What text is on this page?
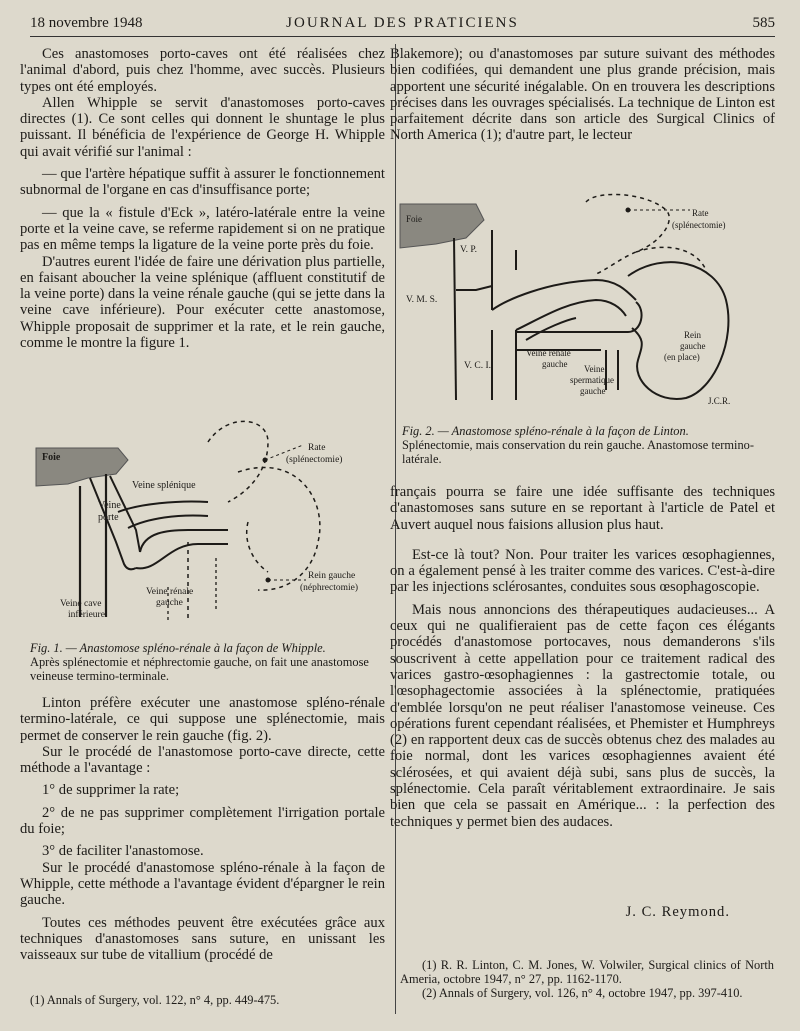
18 novembre 1948	JOURNAL DES PRATICIENS	585

Ces anastomoses porto-caves ont été réalisées chez l'animal d'abord, puis chez l'homme, avec succès. Plusieurs types ont été employés.

Allen Whipple se servit d'anastomoses porto-caves directes (1). Ce sont celles qui donnent le shuntage le plus puissant. Il bénéficia de l'expérience de George H. Whipple qui avait vérifié sur l'animal :

— que l'artère hépatique suffit à assurer le fonctionnement subnormal de l'organe en cas d'insuffisance porte;

— que la « fistule d'Eck », latéro-latérale entre la veine porte et la veine cave, se referme rapidement si on ne pratique pas en même temps la ligature de la veine porte près du foie.

D'autres eurent l'idée de faire une dérivation plus partielle, en faisant aboucher la veine splénique (affluent constitutif de la veine porte) dans la veine rénale gauche (qui se jette dans la veine cave inférieure). Pour exécuter cette anastomose, Whipple proposait de supprimer et la rate, et le rein gauche, comme le montre la figure 1.

Foie
Veine splénique
Veine
porte
Rate
(splénectomie)
Veine rénale
gauche
Rein gauche
(néphrectomie)
Veine cave
inférieure

Fig. 1. — Anastomose spléno-rénale à la façon de Whipple.

Après splénectomie et néphrectomie gauche, on fait une anastomose veineuse termino-terminale.

Linton préfère exécuter une anastomose spléno-rénale termino-latérale, ce qui suppose une splénectomie, mais permet de conserver le rein gauche (fig. 2).

Sur le procédé de l'anastomose porto-cave directe, cette méthode a l'avantage :

1° de supprimer la rate;

2° de ne pas supprimer complètement l'irrigation portale du foie;

3° de faciliter l'anastomose.

Sur le procédé d'anastomose spléno-rénale à la façon de Whipple, cette méthode a l'avantage évident d'épargner le rein gauche.

Toutes ces méthodes peuvent être exécutées grâce aux techniques d'anastomoses sans suture, en unissant les vaisseaux sur tube de vitallium (procédé de

(1) Annals of Surgery, vol. 122, n° 4, pp. 449-475.

Blakemore); ou d'anastomoses par suture suivant des méthodes bien codifiées, qui demandent une plus grande précision, mais apportent une sécurité inégalable. On en trouvera les descriptions précises dans les ouvrages spécialisés. La technique de Linton est parfaitement décrite dans son article des Surgical Clinics of North America (1); d'autre part, le lecteur

Foie
V. P.
V. M. S.
V. C. I.
Rate
(splénectomie)
Rein
gauche
(en place)
Veine rénale
gauche Veine
spermatique
gauche
J.C.R.

Fig. 2. — Anastomose spléno-rénale à la façon de Linton.

Splénectomie, mais conservation du rein gauche. Anastomose termino-latérale.

français pourra se faire une idée suffisante des techniques d'anastomoses sans suture en se reportant à l'article de Patel et Auvert auquel nous faisions allusion plus haut.

Est-ce là tout? Non. Pour traiter les varices œsophagiennes, on a également pensé à les traiter comme des varices. C'est-à-dire par les injections sclérosantes, conduites sous œsophagoscopie.

Mais nous annoncions des thérapeutiques audacieuses... A ceux qui ne qualifieraient pas de cette façon ces élégants procédés d'anastomose portocaves, nous demanderons s'ils souscrivent à cette appellation pour ce traitement radical des varices gastro-œsophagiennes : la gastrectomie totale, ou l'œsophagectomie associées à la splénectomie, pratiquées d'emblée lorsqu'on ne peut réaliser l'anastomose veineuse. Ces opérations furent cependant réalisées, et Phemister et Humphreys (2) en rapportent deux cas de succès obtenus chez des malades au foie normal, dont les varices œsophagiennes avaient été sclérosées, et qui avaient déjà subi, sans plus de succès, la splénectomie. Cela paraît véritablement extraordinaire. Je sais bien que cela se passait en Amérique... : la perfection des techniques y permet bien des audaces.

J. C. Reymond.

(1) R. R. Linton, C. M. Jones, W. Volwiler, Surgical clinics of North Ameria, octobre 1947, n° 27, pp. 1162-1170.

(2) Annals of Surgery, vol. 126, n° 4, octobre 1947, pp. 397-410.
